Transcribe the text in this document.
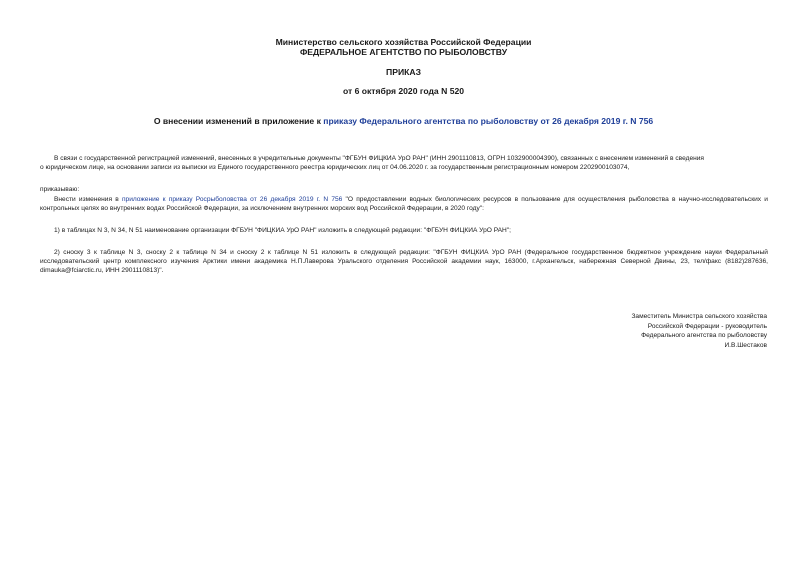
Министерство сельского хозяйства Российской Федерации
ФЕДЕРАЛЬНОЕ АГЕНТСТВО ПО РЫБОЛОВСТВУ
ПРИКАЗ
от 6 октября 2020 года N 520
О внесении изменений в приложение к приказу Федерального агентства по рыболовству от 26 декабря 2019 г. N 756
В связи с государственной регистрацией изменений, внесенных в учредительные документы "ФГБУН ФИЦКИА УрО РАН" (ИНН 2901110813, ОГРН 1032900004390), связанных с внесением изменений в сведения
о юридическом лице, на основании записи из выписки из Единого государственного реестра юридических лиц от 04.06.2020 г. за государственным регистрационным номером 2202900103074,
приказываю:
Внести изменения в приложение к приказу Росрыболовства от 26 декабря 2019 г. N 756 "О предоставлении водных биологических ресурсов в пользование для осуществления рыболовства в научно-исследовательских и контрольных целях во внутренних водах Российской Федерации, за исключением внутренних морских вод Российской Федерации, в 2020 году":
1) в таблицах N 3, N 34, N 51 наименование организации ФГБУН "ФИЦКИА УрО РАН" изложить в следующей редакции: "ФГБУН ФИЦКИА УрО РАН";
2) сноску 3 к таблице N 3, сноску 2 к таблице N 34 и сноску 2 к таблице N 51 изложить в следующей редакции: "ФГБУН ФИЦКИА УрО РАН (Федеральное государственное бюджетное учреждение науки Федеральный исследовательский центр комплексного изучения Арктики имени академика Н.П.Лаверова Уральского отделения Российской академии наук, 163000, г.Архангельск, набережная Северной Двины, 23, тел/факс (8182)287636, dimauka@fciarctic.ru, ИНН 2901110813)".
Заместитель Министра сельского хозяйства
Российской Федерации - руководитель
Федерального агентства по рыболовству
И.В.Шестаков
